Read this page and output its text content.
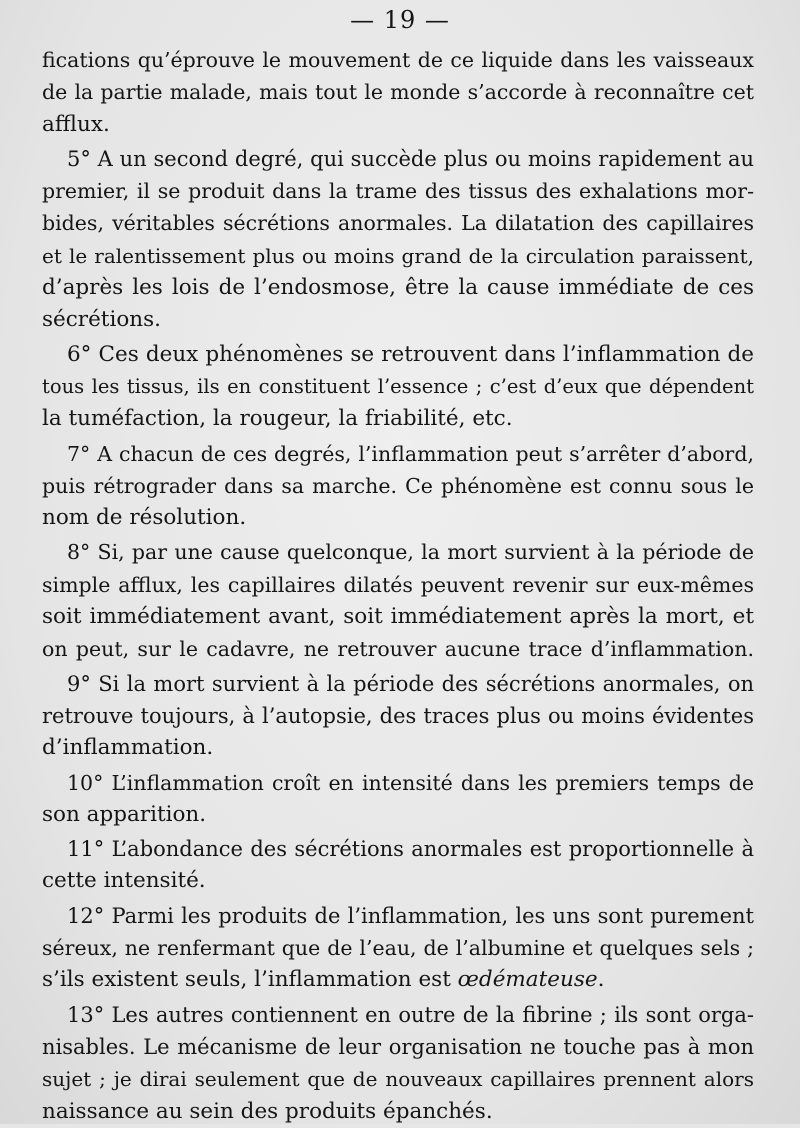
— 19 —
fications qu’éprouve le mouvement de ce liquide dans les vaisseaux
de la partie malade, mais tout le monde s’accorde à reconnaître cet
afflux.
5° A un second degré, qui succède plus ou moins rapidement au
premier, il se produit dans la trame des tissus des exhalations mor-
bides, véritables sécrétions anormales. La dilatation des capillaires
et le ralentissement plus ou moins grand de la circulation paraissent,
d’après les lois de l’endosmose, être la cause immédiate de ces
sécrétions.
6° Ces deux phénomènes se retrouvent dans l’inflammation de
tous les tissus, ils en constituent l’essence ; c’est d’eux que dépendent
la tuméfaction, la rougeur, la friabilité, etc.
7° A chacun de ces degrés, l’inflammation peut s’arrêter d’abord,
puis rétrograder dans sa marche. Ce phénomène est connu sous le
nom de résolution.
8° Si, par une cause quelconque, la mort survient à la période de
simple afflux, les capillaires dilatés peuvent revenir sur eux-mêmes
soit immédiatement avant, soit immédiatement après la mort, et
on peut, sur le cadavre, ne retrouver aucune trace d’inflammation.
9° Si la mort survient à la période des sécrétions anormales, on
retrouve toujours, à l’autopsie, des traces plus ou moins évidentes
d’inflammation.
10° L’inflammation croît en intensité dans les premiers temps de
son apparition.
11° L’abondance des sécrétions anormales est proportionnelle à
cette intensité.
12° Parmi les produits de l’inflammation, les uns sont purement
séreux, ne renfermant que de l’eau, de l’albumine et quelques sels ;
s’ils existent seuls, l’inflammation est œdémateuse.
13° Les autres contiennent en outre de la fibrine ; ils sont orga-
nisables. Le mécanisme de leur organisation ne touche pas à mon
sujet ; je dirai seulement que de nouveaux capillaires prennent alors
naissance au sein des produits épanchés.
